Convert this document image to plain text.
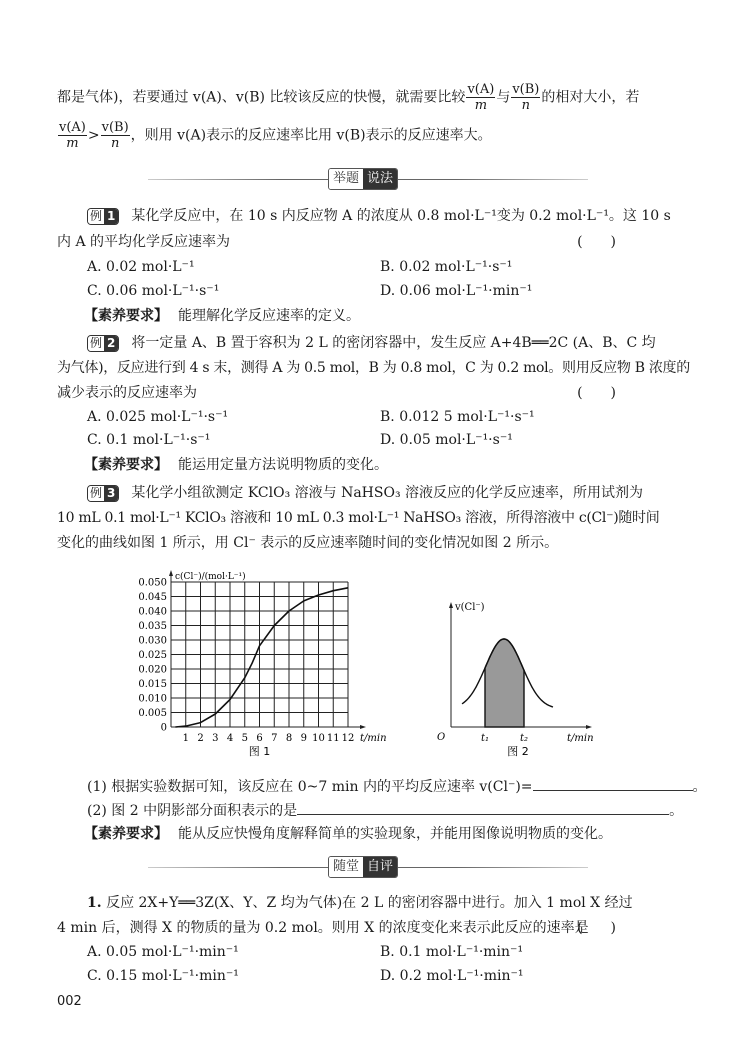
都是气体)，若要通过 v(A)、v(B) 比较该反应的快慢，就需要比较 $\frac{v(A)}{m}$ 与 $\frac{v(B)}{n}$ 的相对大小，若
$\frac{v(A)}{m} > \frac{v(B)}{n}$ ，则用 v(A)表示的反应速率比用 v(B)表示的反应速率大。
举题 说法
例 1 某化学反应中，在 10 s 内反应物 A 的浓度从 0.8 mol·L⁻¹变为 0.2 mol·L⁻¹。这 10 s
内 A 的平均化学反应速率为	(　　)
A. 0.02 mol·L⁻¹	B. 0.02 mol·L⁻¹·s⁻¹
C. 0.06 mol·L⁻¹·s⁻¹	D. 0.06 mol·L⁻¹·min⁻¹
【素养要求】 能理解化学反应速率的定义。
例 2 将一定量 A、B 置于容积为 2 L 的密闭容器中，发生反应 A+4B══2C (A、B、C 均
为气体)，反应进行到 4 s 末，测得 A 为 0.5 mol，B 为 0.8 mol，C 为 0.2 mol。则用反应物 B 浓度的
减少表示的反应速率为	(　　)
A. 0.025 mol·L⁻¹·s⁻¹	B. 0.012 5 mol·L⁻¹·s⁻¹
C. 0.1 mol·L⁻¹·s⁻¹	D. 0.05 mol·L⁻¹·s⁻¹
【素养要求】 能运用定量方法说明物质的变化。
例 3 某化学小组欲测定 KClO₃ 溶液与 NaHSO₃ 溶液反应的化学反应速率，所用试剂为
10 mL 0.1 mol·L⁻¹ KClO₃ 溶液和 10 mL 0.3 mol·L⁻¹ NaHSO₃ 溶液，所得溶液中 c(Cl⁻)随时间
变化的曲线如图 1 所示，用 Cl⁻ 表示的反应速率随时间的变化情况如图 2 所示。
0
0.005
0.010
0.015
0.020
0.025
0.030
0.035
0.040
0.045
0.050
1 2 3 4 5 6 7 8 9 10 11 12 t/min
c(Cl⁻)/(mol·L⁻¹)
图 1
v(Cl⁻)
O	t₁	t₂	t/min
图 2
(1) 根据实验数据可知，该反应在 0~7 min 内的平均反应速率 v(Cl⁻)=	。
(2) 图 2 中阴影部分面积表示的是	。
【素养要求】 能从反应快慢角度解释简单的实验现象，并能用图像说明物质的变化。
随堂 自评
1. 反应 2X+Y══3Z(X、Y、Z 均为气体)在 2 L 的密闭容器中进行。加入 1 mol X 经过
4 min 后，测得 X 的物质的量为 0.2 mol。则用 X 的浓度变化来表示此反应的速率是
(　　)
A. 0.05 mol·L⁻¹·min⁻¹	B. 0.1 mol·L⁻¹·min⁻¹
C. 0.15 mol·L⁻¹·min⁻¹	D. 0.2 mol·L⁻¹·min⁻¹
002
